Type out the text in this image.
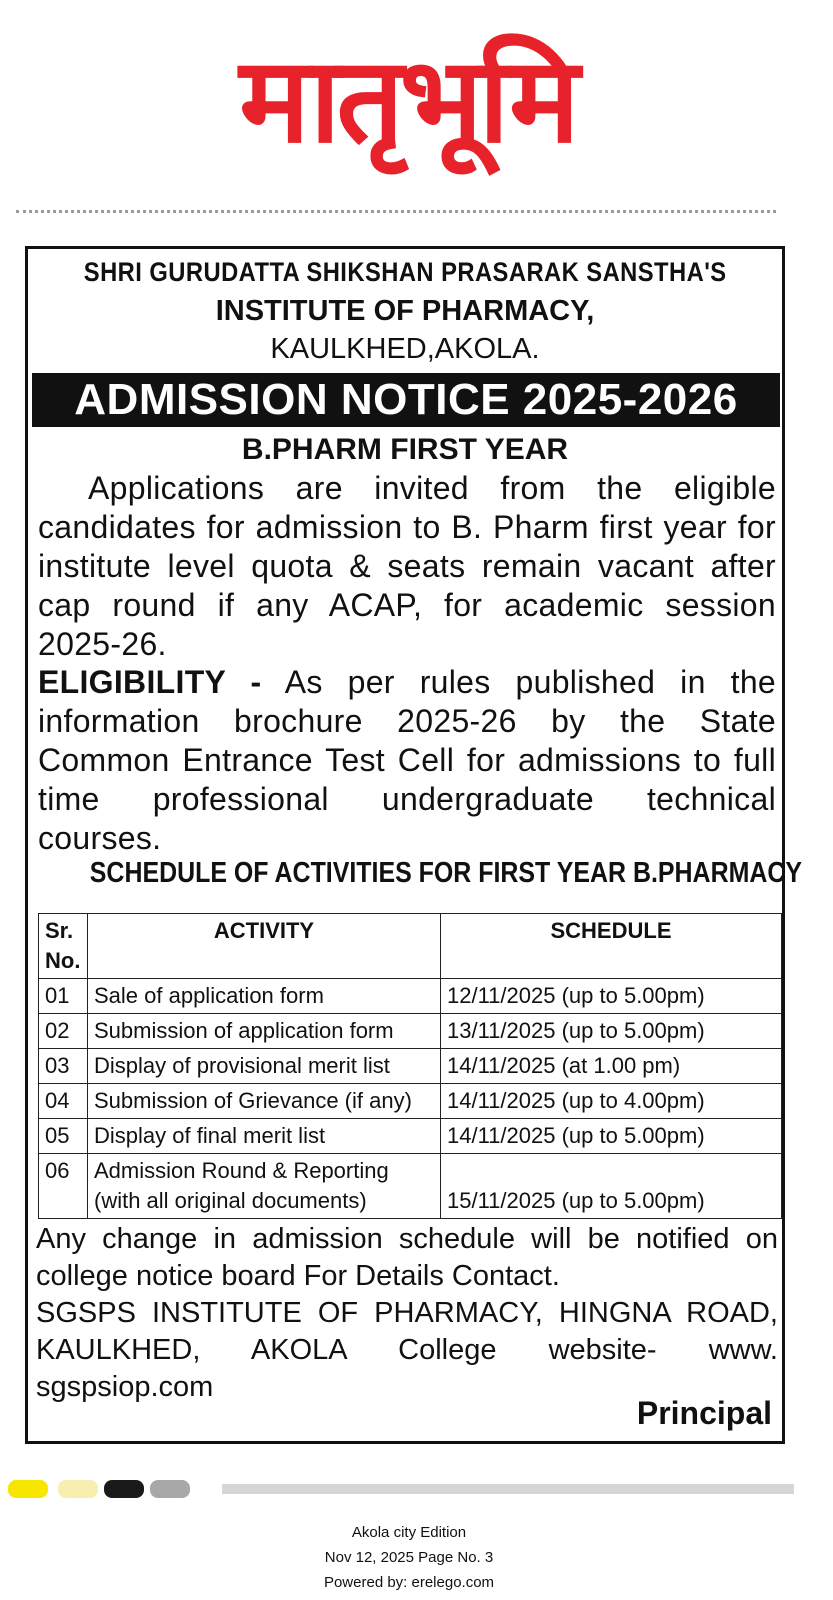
मातृभूमि
SHRI GURUDATTA SHIKSHAN PRASARAK SANSTHA'S
INSTITUTE OF PHARMACY,
KAULKHED,AKOLA.
ADMISSION NOTICE 2025-2026
B.PHARM FIRST YEAR
Applications are invited from the eligible candidates for admission to B. Pharm first year for institute level quota & seats remain vacant after cap round if any ACAP, for academic session 2025-26.
ELIGIBILITY - As per rules published in the information brochure 2025-26 by the State Common Entrance Test Cell for admissions to full time professional undergraduate technical courses.
SCHEDULE OF ACTIVITIES FOR FIRST YEAR B.PHARMACY
Sr. No.	ACTIVITY	SCHEDULE
01	Sale of application form	12/11/2025 (up to 5.00pm)
02	Submission of application form	13/11/2025 (up to 5.00pm)
03	Display of provisional merit list	14/11/2025 (at 1.00 pm)
04	Submission of Grievance (if any)	14/11/2025 (up to 4.00pm)
05	Display of final merit list	14/11/2025 (up to 5.00pm)
06	Admission Round & Reporting (with all original documents)	15/11/2025 (up to 5.00pm)
Any change in admission schedule will be notified on college notice board For Details Contact.
SGSPS INSTITUTE OF PHARMACY, HINGNA ROAD, KAULKHED, AKOLA College website- www. sgspsiop.com
Principal
Akola city Edition
Nov 12, 2025 Page No. 3
Powered by: erelego.com
